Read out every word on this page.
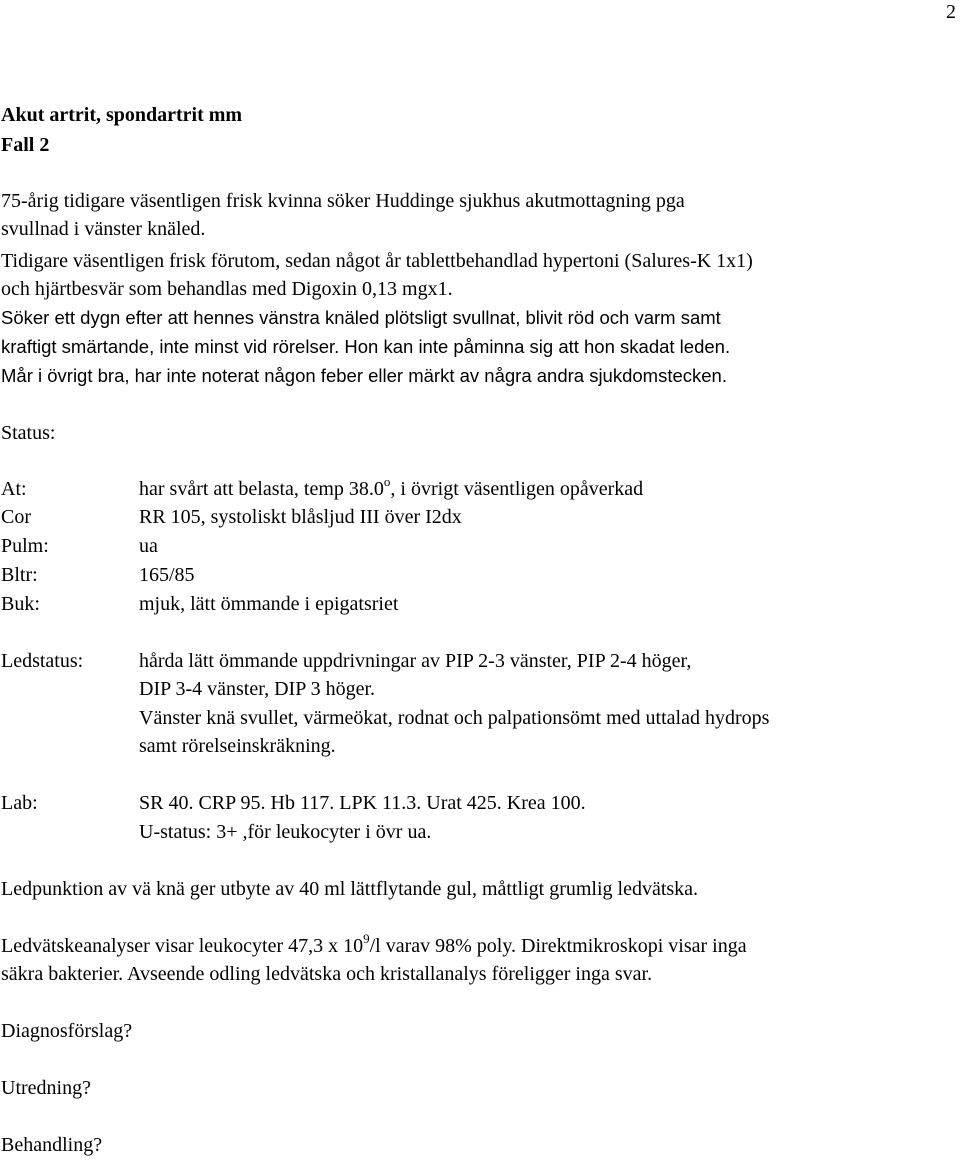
2
Akut artrit, spondartrit mm
Fall 2
75-årig tidigare väsentligen frisk kvinna söker Huddinge sjukhus akutmottagning pga
svullnad i vänster knäled.
Tidigare väsentligen frisk förutom, sedan något år tablettbehandlad hypertoni (Salures-K 1x1)
och hjärtbesvär som behandlas med Digoxin 0,13 mgx1.
Söker ett dygn efter att hennes vänstra knäled plötsligt svullnat, blivit röd och varm samt
kraftigt smärtande, inte minst vid rörelser. Hon kan inte påminna sig att hon skadat leden.
Mår i övrigt bra, har inte noterat någon feber eller märkt av några andra sjukdomstecken.
Status:
At:	har svårt att belasta, temp 38.0$^o$, i övrigt väsentligen opåverkad
Cor	RR 105, systoliskt blåsljud III över I2dx
Pulm:	ua
Bltr:	165/85
Buk:	mjuk, lätt ömmande i epigatsriet
Ledstatus:	hårda lätt ömmande uppdrivningar av PIP 2-3 vänster, PIP 2-4 höger,
DIP 3-4 vänster, DIP 3 höger.
Vänster knä svullet, värmeökat, rodnat och palpationsömt med uttalad hydrops
samt rörelseinskräkning.
Lab:	SR 40. CRP 95. Hb 117. LPK 11.3. Urat 425. Krea 100.
U-status: 3+ ,för leukocyter i övr ua.
Ledpunktion av vä knä ger utbyte av 40 ml lättflytande gul, måttligt grumlig ledvätska.
Ledvätskeanalyser visar leukocyter 47,3 x $10^9/l$ varav 98% poly. Direktmikroskopi visar inga
säkra bakterier. Avseende odling ledvätska och kristallanalys föreligger inga svar.
Diagnosförslag?
Utredning?
Behandling?
